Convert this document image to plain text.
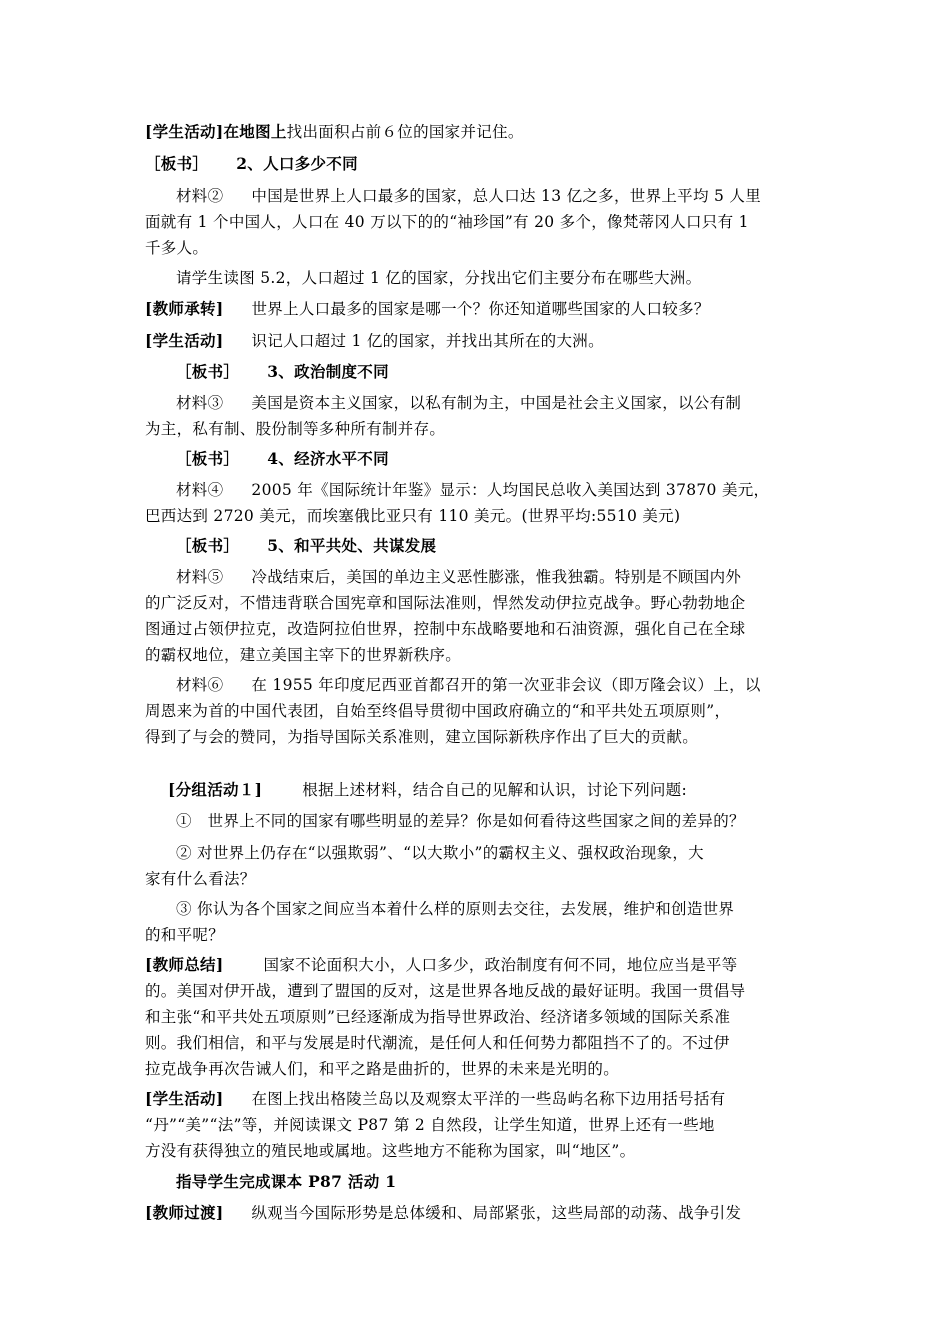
[学生活动]在地图上找出面积占前６位的国家并记住。
［板书］ 2、人口多少不同
材料② 中国是世界上人口最多的国家，总人口达 13 亿之多，世界上平均 5 人里
面就有 1 个中国人，人口在 40 万以下的的“袖珍国”有 20 多个，像梵蒂冈人口只有 1
千多人。
请学生读图 5.2，人口超过 1 亿的国家，分找出它们主要分布在哪些大洲。
[教师承转] 世界上人口最多的国家是哪一个？你还知道哪些国家的人口较多？
[学生活动] 识记人口超过 1 亿的国家，并找出其所在的大洲。
［板书］ 3、政治制度不同
材料③ 美国是资本主义国家，以私有制为主，中国是社会主义国家，以公有制
为主，私有制、股份制等多种所有制并存。
［板书］ 4、经济水平不同
材料④ 2005 年《国际统计年鉴》显示：人均国民总收入美国达到 37870 美元，
巴西达到 2720 美元，而埃塞俄比亚只有 110 美元。(世界平均:5510 美元)
［板书］ 5、和平共处、共谋发展
材料⑤ 冷战结束后，美国的单边主义恶性膨涨，惟我独霸。特别是不顾国内外
的广泛反对，不惜违背联合国宪章和国际法准则，悍然发动伊拉克战争。野心勃勃地企
图通过占领伊拉克，改造阿拉伯世界，控制中东战略要地和石油资源，强化自己在全球
的霸权地位，建立美国主宰下的世界新秩序。
材料⑥ 在 1955 年印度尼西亚首都召开的第一次亚非会议（即万隆会议）上，以
周恩来为首的中国代表团，自始至终倡导贯彻中国政府确立的“和平共处五项原则”，
得到了与会的赞同，为指导国际关系准则，建立国际新秩序作出了巨大的贡献。
[分组活动１]	根据上述材料，结合自己的见解和认识，讨论下列问题:
①　世界上不同的国家有哪些明显的差异？你是如何看待这些国家之间的差异的？
② 对世界上仍存在“以强欺弱”、“以大欺小”的霸权主义、强权政治现象，大
家有什么看法？
③ 你认为各个国家之间应当本着什么样的原则去交往，去发展，维护和创造世界
的和平呢？
[教师总结]	国家不论面积大小，人口多少，政治制度有何不同，地位应当是平等
的。美国对伊开战，遭到了盟国的反对，这是世界各地反战的最好证明。我国一贯倡导
和主张“和平共处五项原则”已经逐渐成为指导世界政治、经济诸多领域的国际关系准
则。我们相信，和平与发展是时代潮流，是任何人和任何势力都阻挡不了的。不过伊
拉克战争再次告诫人们，和平之路是曲折的，世界的未来是光明的。
[学生活动] 在图上找出格陵兰岛以及观察太平洋的一些岛屿名称下边用括号括有
“丹”“美”“法”等，并阅读课文 P87 第 2 自然段，让学生知道，世界上还有一些地
方没有获得独立的殖民地或属地。这些地方不能称为国家，叫“地区”。
指导学生完成课本 P87 活动 1
[教师过渡] 纵观当今国际形势是总体缓和、局部紧张，这些局部的动荡、战争引发
